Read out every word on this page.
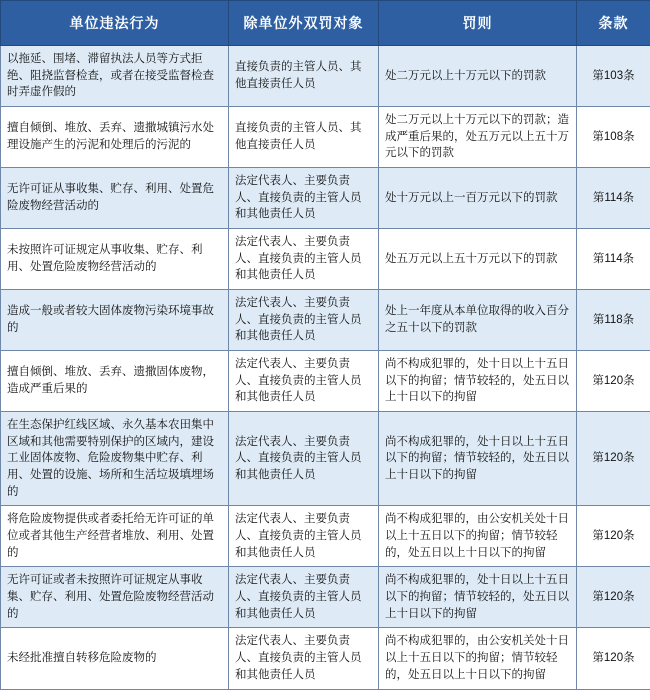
单位违法行为	除单位外双罚对象	罚则	条款
以拖延、围堵、滞留执法人员等方式拒绝、阻挠监督检查，或者在接受监督检查时弄虚作假的	直接负责的主管人员、其他直接责任人员	处二万元以上十万元以下的罚款	第103条
擅自倾倒、堆放、丢弃、遗撒城镇污水处理设施产生的污泥和处理后的污泥的	直接负责的主管人员、其他直接责任人员	处二万元以上十万元以下的罚款；造成严重后果的，处五万元以上五十万元以下的罚款	第108条
无许可证从事收集、贮存、利用、处置危险废物经营活动的	法定代表人、主要负责人、直接负责的主管人员和其他责任人员	处十万元以上一百万元以下的罚款	第114条
未按照许可证规定从事收集、贮存、利用、处置危险废物经营活动的	法定代表人、主要负责人、直接负责的主管人员和其他责任人员	处五万元以上五十万元以下的罚款	第114条
造成一般或者较大固体废物污染环境事故的	法定代表人、主要负责人、直接负责的主管人员和其他责任人员	处上一年度从本单位取得的收入百分之五十以下的罚款	第118条
擅自倾倒、堆放、丢弃、遗撒固体废物，造成严重后果的	法定代表人、主要负责人、直接负责的主管人员和其他责任人员	尚不构成犯罪的，处十日以上十五日以下的拘留；情节较轻的，处五日以上十日以下的拘留	第120条
在生态保护红线区域、永久基本农田集中区域和其他需要特别保护的区域内，建设工业固体废物、危险废物集中贮存、利用、处置的设施、场所和生活垃圾填埋场的	法定代表人、主要负责人、直接负责的主管人员和其他责任人员	尚不构成犯罪的，处十日以上十五日以下的拘留；情节较轻的，处五日以上十日以下的拘留	第120条
将危险废物提供或者委托给无许可证的单位或者其他生产经营者堆放、利用、处置的	法定代表人、主要负责人、直接负责的主管人员和其他责任人员	尚不构成犯罪的，由公安机关处十日以上十五日以下的拘留；情节较轻的，处五日以上十日以下的拘留	第120条
无许可证或者未按照许可证规定从事收集、贮存、利用、处置危险废物经营活动的	法定代表人、主要负责人、直接负责的主管人员和其他责任人员	尚不构成犯罪的，处十日以上十五日以下的拘留；情节较轻的，处五日以上十日以下的拘留	第120条
未经批准擅自转移危险废物的	法定代表人、主要负责人、直接负责的主管人员和其他责任人员	尚不构成犯罪的，由公安机关处十日以上十五日以下的拘留；情节较轻的，处五日以上十日以下的拘留	第120条
